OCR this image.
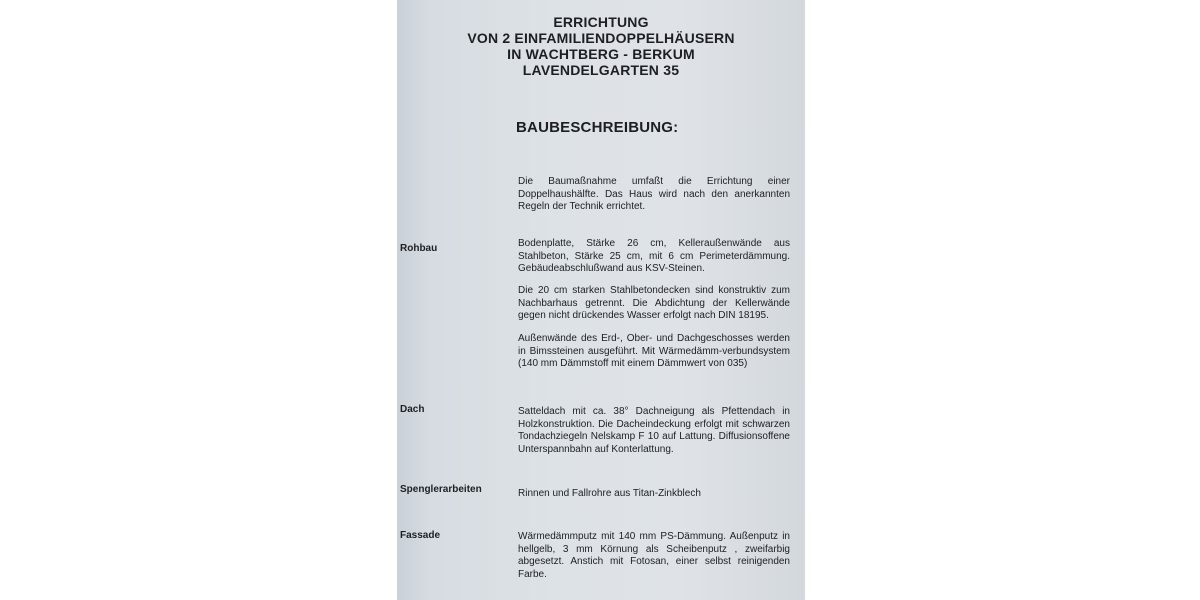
ERRICHTUNG
VON 2 EINFAMILIENDOPPELHÄUSERN
IN WACHTBERG - BERKUM
LAVENDELGARTEN 35
BAUBESCHREIBUNG:
Die Baumaßnahme umfaßt die Errichtung einer Doppelhaushälfte. Das Haus wird nach den anerkannten Regeln der Technik errichtet.
Rohbau	Bodenplatte, Stärke 26 cm, Kelleraußenwände aus Stahlbeton, Stärke 25 cm, mit 6 cm Perimeterdämmung. Gebäudeabschlußwand aus KSV-Steinen.
Die 20 cm starken Stahlbetondecken sind konstruktiv zum Nachbarhaus getrennt. Die Abdichtung der Kellerwände gegen nicht drückendes Wasser erfolgt nach DIN 18195.
Außenwände des Erd-, Ober- und Dachgeschosses werden in Bimssteinen ausgeführt. Mit Wärmedämm-verbundsystem (140 mm Dämmstoff mit einem Dämmwert von 035)
Dach	Satteldach mit ca. 38° Dachneigung als Pfettendach in Holzkonstruktion. Die Dacheindeckung erfolgt mit schwarzen Tondachziegeln Nelskamp F 10 auf Lattung. Diffusionsoffene Unterspannbahn auf Konterlattung.
Spenglerarbeiten	Rinnen und Fallrohre aus Titan-Zinkblech
Fassade	Wärmedämmputz mit 140 mm PS-Dämmung. Außenputz in hellgelb, 3 mm Körnung als Scheibenputz , zweifarbig abgesetzt. Anstich mit Fotosan, einer selbst reinigenden Farbe.
